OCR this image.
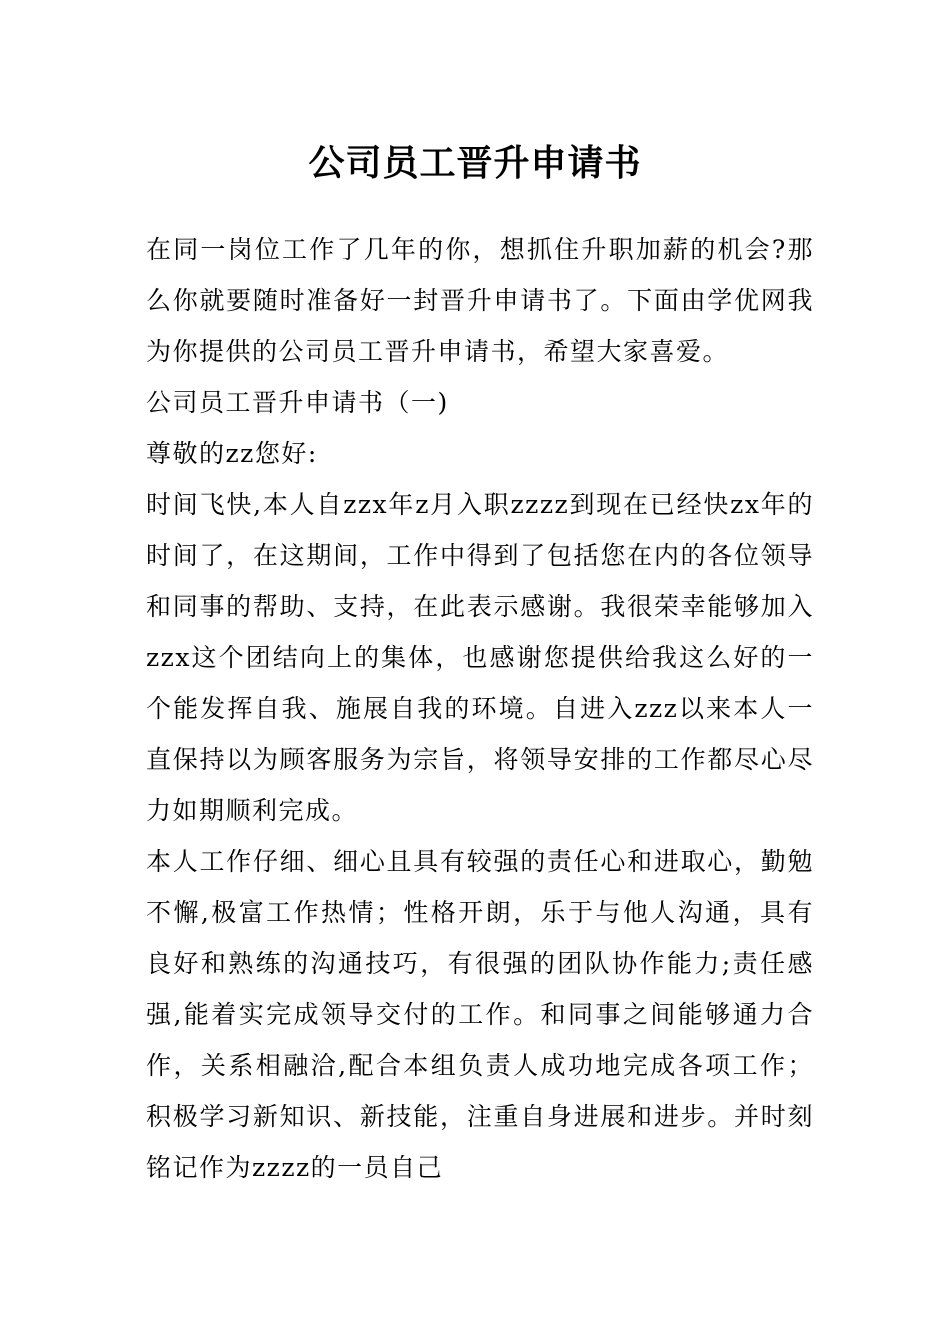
公司员工晋升申请书

在同一岗位工作了几年的你，想抓住升职加薪的机会?那么你就要随时准备好一封晋升申请书了。下面由学优网我为你提供的公司员工晋升申请书，希望大家喜爱。

公司员工晋升申请书（一)

尊敬的zz您好:

时间飞快,本人自zzx年z月入职zzzz到现在已经快zx年的时间了，在这期间，工作中得到了包括您在内的各位领导和同事的帮助、支持，在此表示感谢。我很荣幸能够加入zzx这个团结向上的集体，也感谢您提供给我这么好的一个能发挥自我、施展自我的环境。自进入zzz以来本人一直保持以为顾客服务为宗旨，将领导安排的工作都尽心尽力如期顺利完成。

本人工作仔细、细心且具有较强的责任心和进取心，勤勉不懈,极富工作热情；性格开朗，乐于与他人沟通，具有良好和熟练的沟通技巧，有很强的团队协作能力;责任感强,能着实完成领导交付的工作。和同事之间能够通力合作，关系相融洽,配合本组负责人成功地完成各项工作；积极学习新知识、新技能，注重自身进展和进步。并时刻铭记作为zzzz的一员自己
